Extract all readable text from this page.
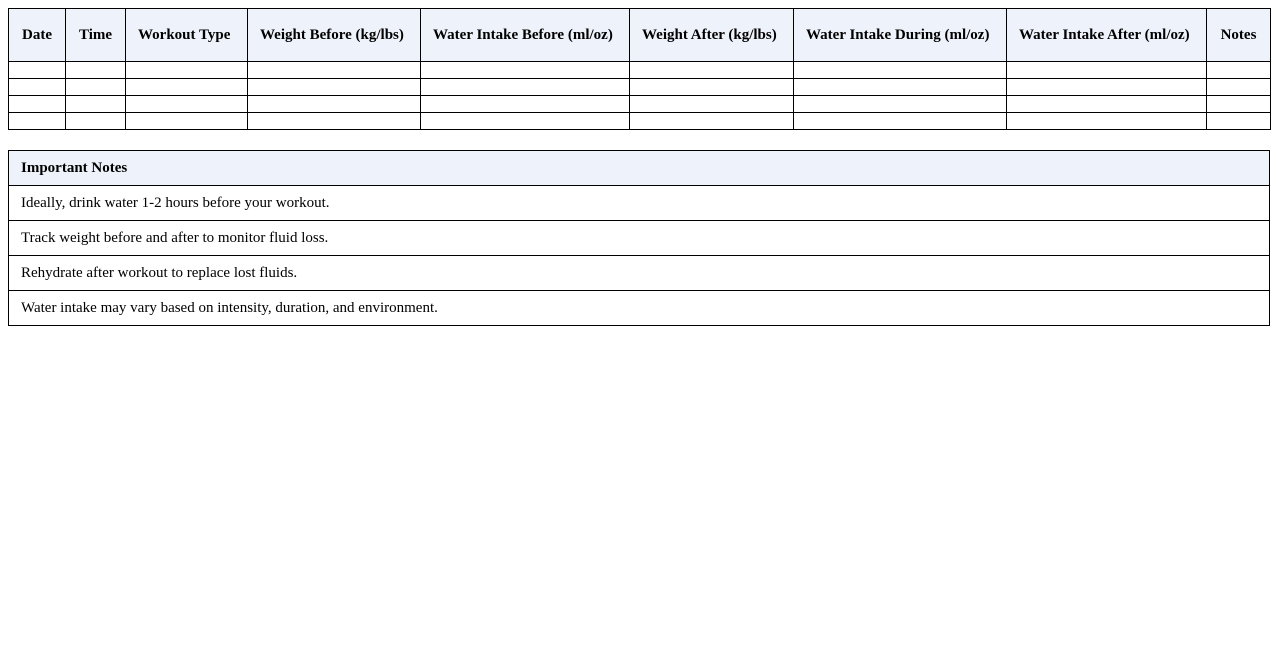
Date	Time	Workout Type	Weight Before (kg/lbs)	Water Intake Before (ml/oz)	Weight After (kg/lbs)	Water Intake During (ml/oz)	Water Intake After (ml/oz)	Notes

Important Notes
Ideally, drink water 1-2 hours before your workout.
Track weight before and after to monitor fluid loss.
Rehydrate after workout to replace lost fluids.
Water intake may vary based on intensity, duration, and environment.
